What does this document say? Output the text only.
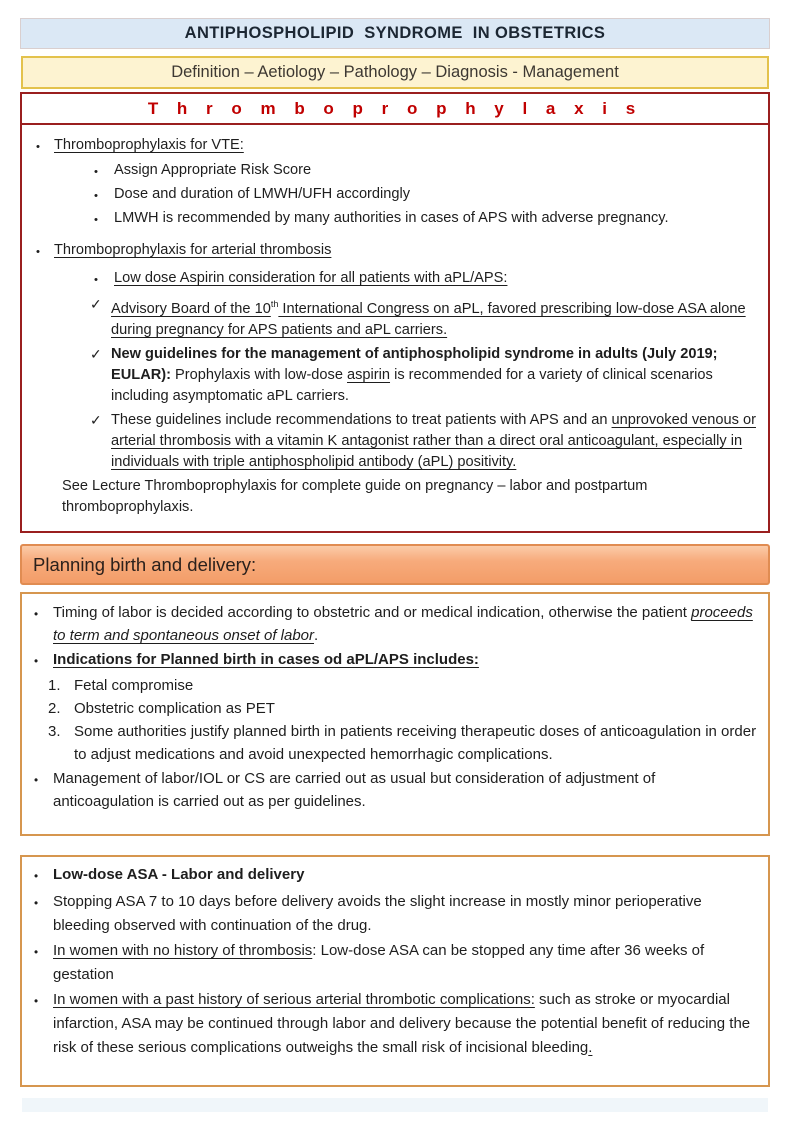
ANTIPHOSPHOLIPID  SYNDROME  IN OBSTETRICS
Definition – Aetiology – Pathology – Diagnosis - Management
T h r o m b o p r o p h y l a x i s
• Thromboprophylaxis for VTE:
•	Assign Appropriate Risk Score
•	Dose and duration of LMWH/UFH accordingly
•	LMWH is recommended by many authorities in cases of APS with adverse pregnancy.
• Thromboprophylaxis for arterial thrombosis
•	Low dose Aspirin consideration for all patients with aPL/APS:
✓ Advisory Board of the 10th International Congress on aPL, favored prescribing low-dose ASA alone during pregnancy for APS patients and aPL carriers.
✓ New guidelines for the management of antiphospholipid syndrome in adults (July 2019; EULAR): Prophylaxis with low-dose aspirin is recommended for a variety of clinical scenarios including asymptomatic aPL carriers.
✓ These guidelines include recommendations to treat patients with APS and an unprovoked venous or arterial thrombosis with a vitamin K antagonist rather than a direct oral anticoagulant, especially in individuals with triple antiphospholipid antibody (aPL) positivity.
See Lecture Thromboprophylaxis for complete guide on pregnancy – labor and postpartum thromboprophylaxis.
Planning birth and delivery:
• Timing of labor is decided according to obstetric and or medical indication, otherwise the patient proceeds to term and spontaneous onset of labor.
• Indications for Planned birth in cases od aPL/APS includes:
1. Fetal compromise
2. Obstetric complication as PET
3. Some authorities justify planned birth in patients receiving therapeutic doses of anticoagulation in order to adjust medications and avoid unexpected hemorrhagic complications.
• Management of labor/IOL or CS are carried out as usual but consideration of adjustment of anticoagulation is carried out as per guidelines.
• Low-dose ASA - Labor and delivery
• Stopping ASA 7 to 10 days before delivery avoids the slight increase in mostly minor perioperative bleeding observed with continuation of the drug.
• In women with no history of thrombosis: Low-dose ASA can be stopped any time after 36 weeks of gestation
• In women with a past history of serious arterial thrombotic complications: such as stroke or myocardial infarction, ASA may be continued through labor and delivery because the potential benefit of reducing the risk of these serious complications outweighs the small risk of incisional bleeding.
